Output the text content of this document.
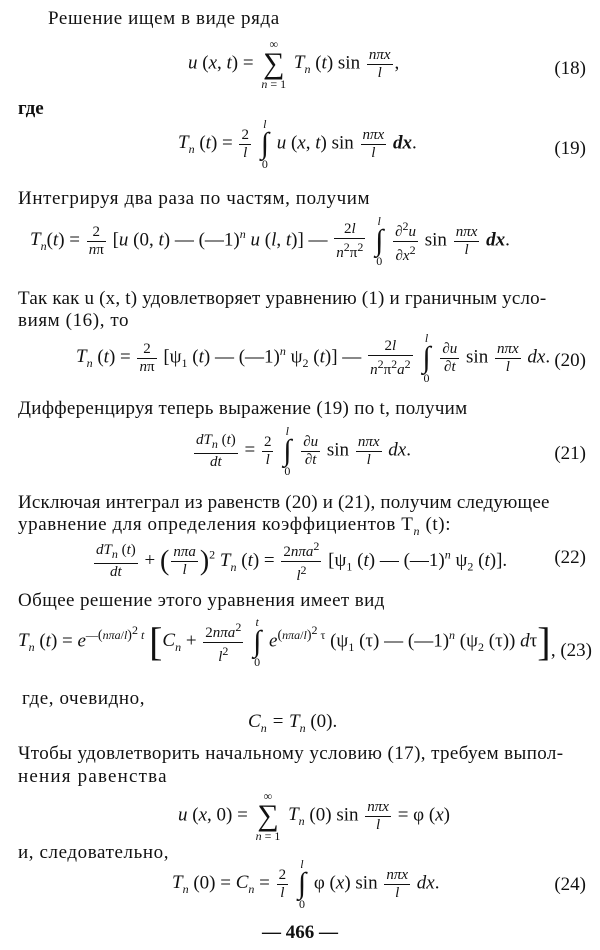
Решение ищем в виде ряда
u (x, t) =
∞
∑
n = 1
$T_n$ (t) $\sin \frac{\text{nπx}}{l}$ ,	(18)
где
$T_n$ $(t) = \frac{2}{l}$

l
∫
0
u (x, t) $\sin \frac{\text{nπx}}{l}$ dx.	(19)
Интегрируя два раза по частям, получим
$T_n(t) = \frac{2}{n\pi} [u$ (0, t) — (—1)$^n$ u (l, t)] — $\frac{2l}{n^2\pi^2}$
l
∫
0
$\frac{\partial^2u}{\partial x^2}$ $\sin \frac{\text{nπx}}{l}$ dx.
Так как u (x, t) удовлетворяет уравнению (1) и граничным усло-
виям (16), то
$T_n$ $(t) = \frac{2}{n\pi} [\psi_1$ (t) — (—1)$^n$ $\psi_2$ (t)] — $\frac{2l}{n^2\pi^2a^2}$
l
∫
0

$\frac{\partial u}{\partial t}$ $\sin \frac{\text{nπx}}{l}$ dx. (20)
Дифференцируя теперь выражение (19) по t, получим
$\frac{dT_n (t)}{dt} = \frac{2}{l}$

l
∫
0

$\frac{\partial u}{\partial t}$ $\sin \frac{\text{nπx}}{l}$ dx.	(21)
Исключая интеграл из равенств (20) и (21), получим следующее
уравнение для определения коэффициентов $T_n$ (t):
$\frac{dT_n (t)}{dt}$ + ( $\frac{\text{nπa}}{l} )^2$ $T_n$ $(t) = \frac{2n\pi a^2}{l^2} [\psi_1$ (t) — (—1)$^n$ $\psi_2$ (t)]. (22)
Общее решение этого уравнения имеет вид
$T_n$ $(t) = e^{—(n\pi a/l)^2 t}$ [$C_n + \frac{2n\pi a^2}{l^2}$
t
∫
0
$e^{(n\pi a/l)^2 \tau}$ ($\psi_1$ (τ) — (—1)$^n$ ($\psi_2$ (τ)) dτ] , (23)
где, очевидно,
$C_n = T_n$ (0).
Чтобы удовлетворить начальному условию (17), требуем выпол-
нения равенства
u (x, 0) =
∞
∑
n = 1
$T_n$ (0) $\sin \frac{\text{nπx}}{l} = \varphi$ (x)
и, следовательно,
$T_n$ $(0) = C_n = \frac{2}{l}$

l
∫
0
φ (x) $\sin \frac{\text{nπx}}{l}$ dx.	(24)
— 466 —
